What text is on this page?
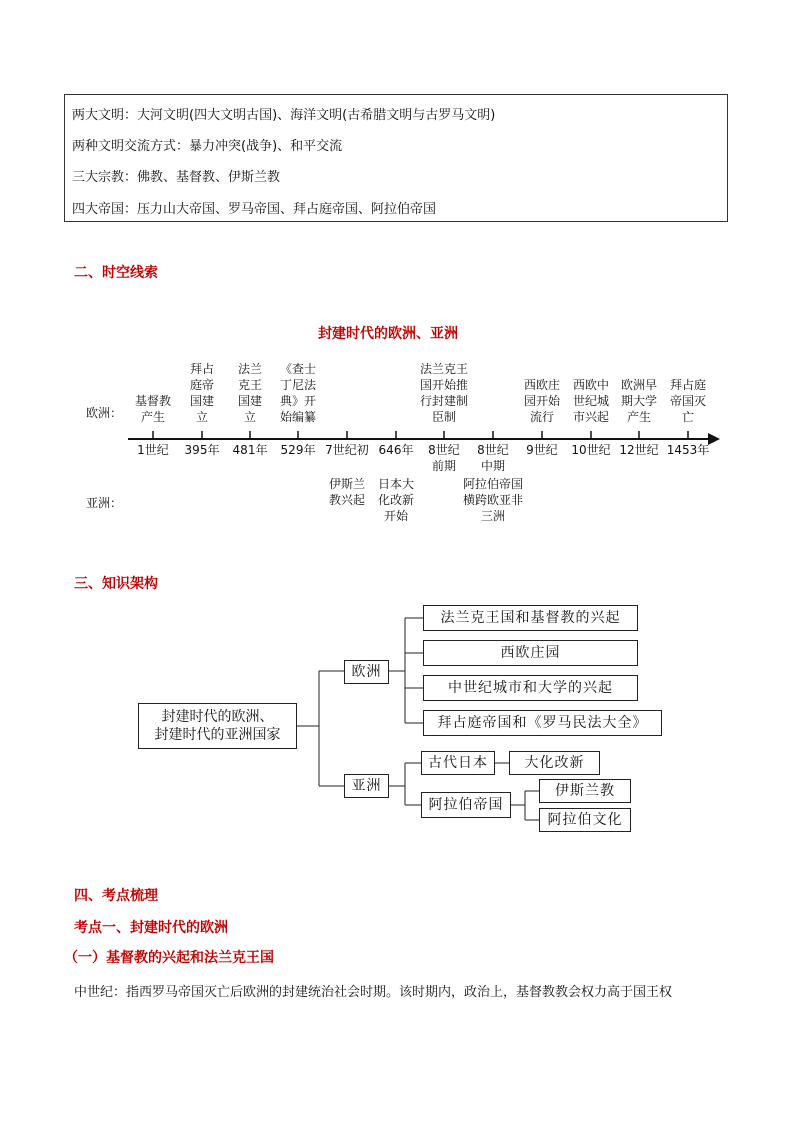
两大文明：大河文明(四大文明古国)、海洋文明(古希腊文明与古罗马文明)
两种文明交流方式：暴力冲突(战争)、和平交流
三大宗教：佛教、基督教、伊斯兰教
四大帝国：压力山大帝国、罗马帝国、拜占庭帝国、阿拉伯帝国
二、时空线索
封建时代的欧洲、亚洲
欧洲：
亚洲：
1世纪
基督教
产生
395年
拜占
庭帝
国建
立
481年
法兰
克王
国建
立
529年
《查士
丁尼法
典》开
始编纂
7世纪初
伊斯兰
教兴起
646年
日本大
化改新
开始
8世纪
前期
法兰克王
国开始推
行封建制
臣制
8世纪
中期
阿拉伯帝国
横跨欧亚非
三洲
9世纪
西欧庄
园开始
流行
10世纪
西欧中
世纪城
市兴起
12世纪
欧洲早
期大学
产生
1453年
拜占庭
帝国灭
亡
三、知识架构
封建时代的欧洲、
封建时代的亚洲国家
欧洲
亚洲
法兰克王国和基督教的兴起
西欧庄园
中世纪城市和大学的兴起
拜占庭帝国和《罗马民法大全》
古代日本	大化改新
阿拉伯帝国
伊斯兰教
阿拉伯文化
四、考点梳理
考点一、封建时代的欧洲
（一）基督教的兴起和法兰克王国
中世纪：指西罗马帝国灭亡后欧洲的封建统治社会时期。该时期内，政治上，基督教教会权力高于国王权
